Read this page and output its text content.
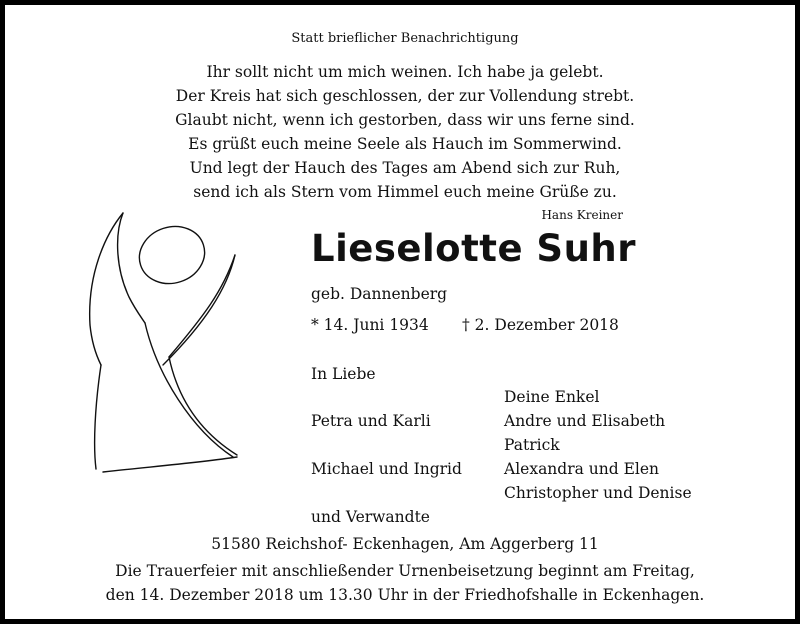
Statt brieflicher Benachrichtigung
Ihr sollt nicht um mich weinen. Ich habe ja gelebt.
Der Kreis hat sich geschlossen, der zur Vollendung strebt.
Glaubt nicht, wenn ich gestorben, dass wir uns ferne sind.
Es grüßt euch meine Seele als Hauch im Sommerwind.
Und legt der Hauch des Tages am Abend sich zur Ruh,
send ich als Stern vom Himmel euch meine Grüße zu.
Hans Kreiner
Lieselotte Suhr
geb. Dannenberg
* 14. Juni 1934 † 2. Dezember 2018
In Liebe
Petra und Karli
Michael und Ingrid
und Verwandte
Deine Enkel
Andre und Elisabeth
Patrick
Alexandra und Elen
Christopher und Denise
51580 Reichshof- Eckenhagen, Am Aggerberg 11
Die Trauerfeier mit anschließender Urnenbeisetzung beginnt am Freitag,
den 14. Dezember 2018 um 13.30 Uhr in der Friedhofshalle in Eckenhagen.
